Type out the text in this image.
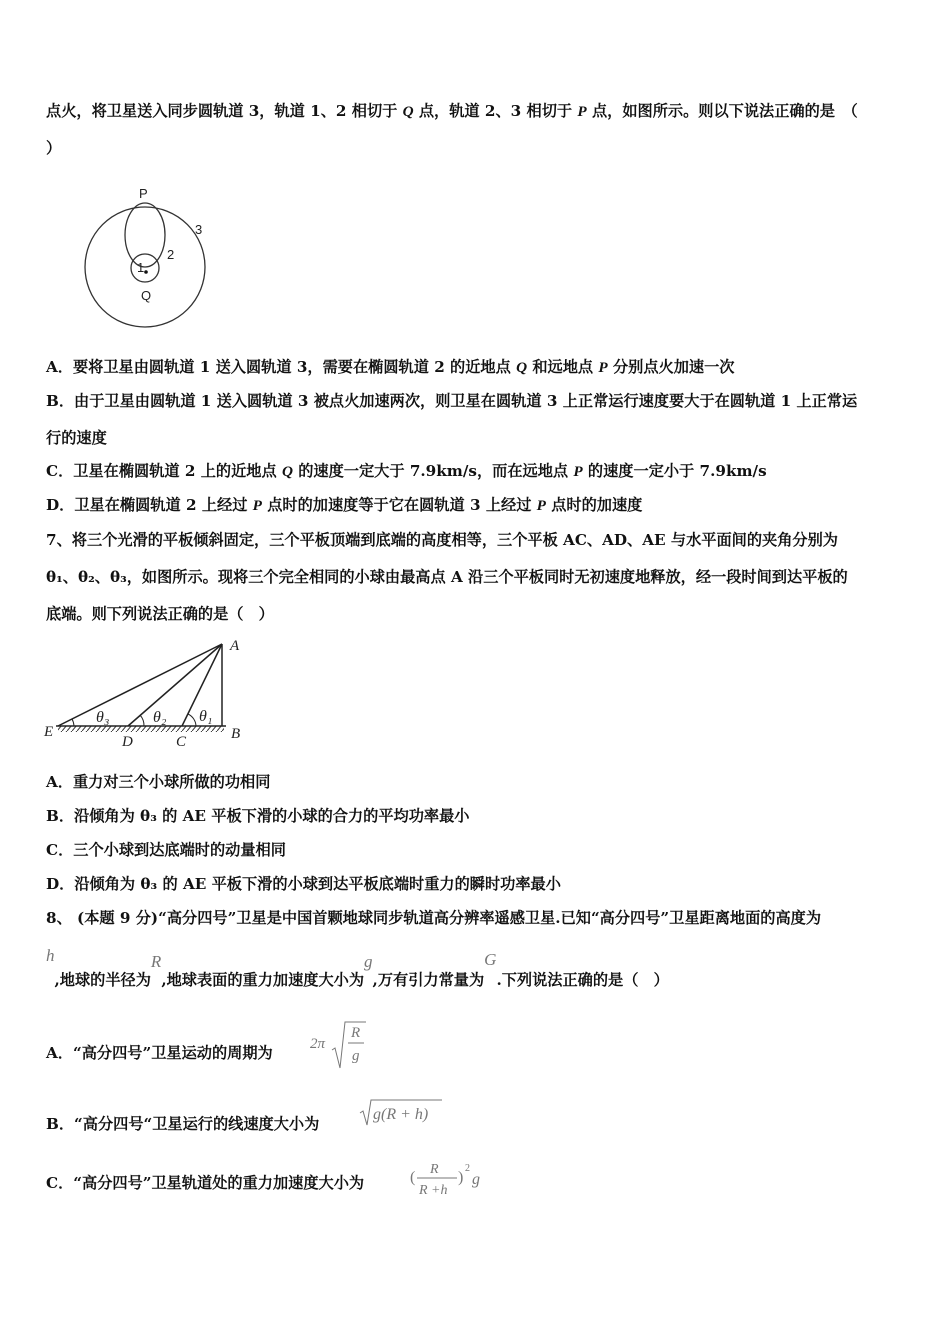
点火，将卫星送入同步圆轨道 3，轨道 1、2 相切于 Q 点，轨道 2、3 相切于 P 点，如图所示。则以下说法正确的是　（
）
P
1
2
3
Q
A．要将卫星由圆轨道 1 送入圆轨道 3，需要在椭圆轨道 2 的近地点 Q 和远地点 P 分别点火加速一次
B．由于卫星由圆轨道 1 送入圆轨道 3 被点火加速两次，则卫星在圆轨道 3 上正常运行速度要大于在圆轨道 1 上正常运
行的速度
C．卫星在椭圆轨道 2 上的近地点 Q 的速度一定大于 7.9km/s，而在远地点 P 的速度一定小于 7.9km/s
D．卫星在椭圆轨道 2 上经过 P 点时的加速度等于它在圆轨道 3 上经过 P 点时的加速度
7、将三个光滑的平板倾斜固定，三个平板顶端到底端的高度相等，三个平板 AC、AD、AE 与水平面间的夹角分别为
θ₁、θ₂、θ₃，如图所示。现将三个完全相同的小球由最高点 A 沿三个平板同时无初速度地释放，经一段时间到达平板的
底端。则下列说法正确的是（　）
A
B
C
D
E
θ₃	θ₂ θ₁
A．重力对三个小球所做的功相同
B．沿倾角为 θ₃ 的 AE 平板下滑的小球的合力的平均功率最小
C．三个小球到达底端时的动量相同
D．沿倾角为 θ₃ 的 AE 平板下滑的小球到达平板底端时重力的瞬时功率最小
8、 (本题 9 分)“高分四号”卫星是中国首颗地球同步轨道高分辨率遥感卫星.已知“高分四号”卫星距离地面的高度为
h,地球的半径为R,地球表面的重力加速度大小为g,万有引力常量为G.下列说法正确的是（　）
A．“高分四号”卫星运动的周期为 2π
R
g
B．“高分四号“卫星运行的线速度大小为
g(R + h)
C．“高分四号”卫星轨道处的重力加速度大小为	( R
R +h
)
2
g
